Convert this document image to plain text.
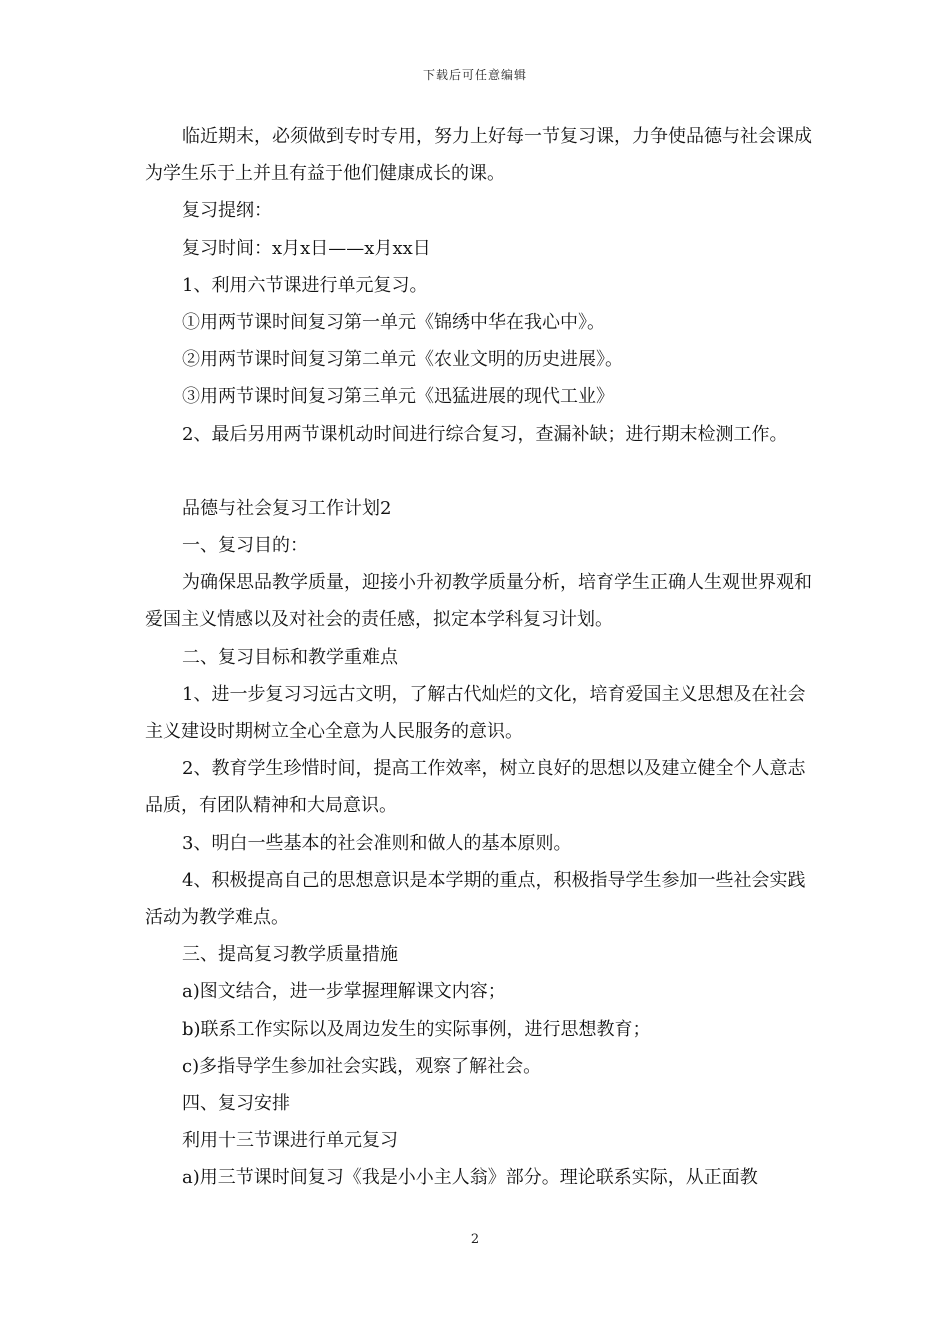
下载后可任意编辑

临近期末，必须做到专时专用，努力上好每一节复习课，力争使品德与社会课成为学生乐于上并且有益于他们健康成长的课。

复习提纲：

复习时间：x月x日——x月xx日

1、利用六节课进行单元复习。

①用两节课时间复习第一单元《锦绣中华在我心中》。

②用两节课时间复习第二单元《农业文明的历史进展》。

③用两节课时间复习第三单元《迅猛进展的现代工业》

2、最后另用两节课机动时间进行综合复习，查漏补缺；进行期末检测工作。

品德与社会复习工作计划2

一、复习目的：

为确保思品教学质量，迎接小升初教学质量分析，培育学生正确人生观世界观和爱国主义情感以及对社会的责任感，拟定本学科复习计划。

二、复习目标和教学重难点

1、进一步复习习远古文明，了解古代灿烂的文化，培育爱国主义思想及在社会主义建设时期树立全心全意为人民服务的意识。

2、教育学生珍惜时间，提高工作效率，树立良好的思想以及建立健全个人意志品质，有团队精神和大局意识。

3、明白一些基本的社会准则和做人的基本原则。

4、积极提高自己的思想意识是本学期的重点，积极指导学生参加一些社会实践活动为教学难点。

三、提高复习教学质量措施

a)图文结合，进一步掌握理解课文内容；

b)联系工作实际以及周边发生的实际事例，进行思想教育；

c)多指导学生参加社会实践，观察了解社会。

四、复习安排

利用十三节课进行单元复习

a)用三节课时间复习《我是小小主人翁》部分。理论联系实际，从正面教

2
